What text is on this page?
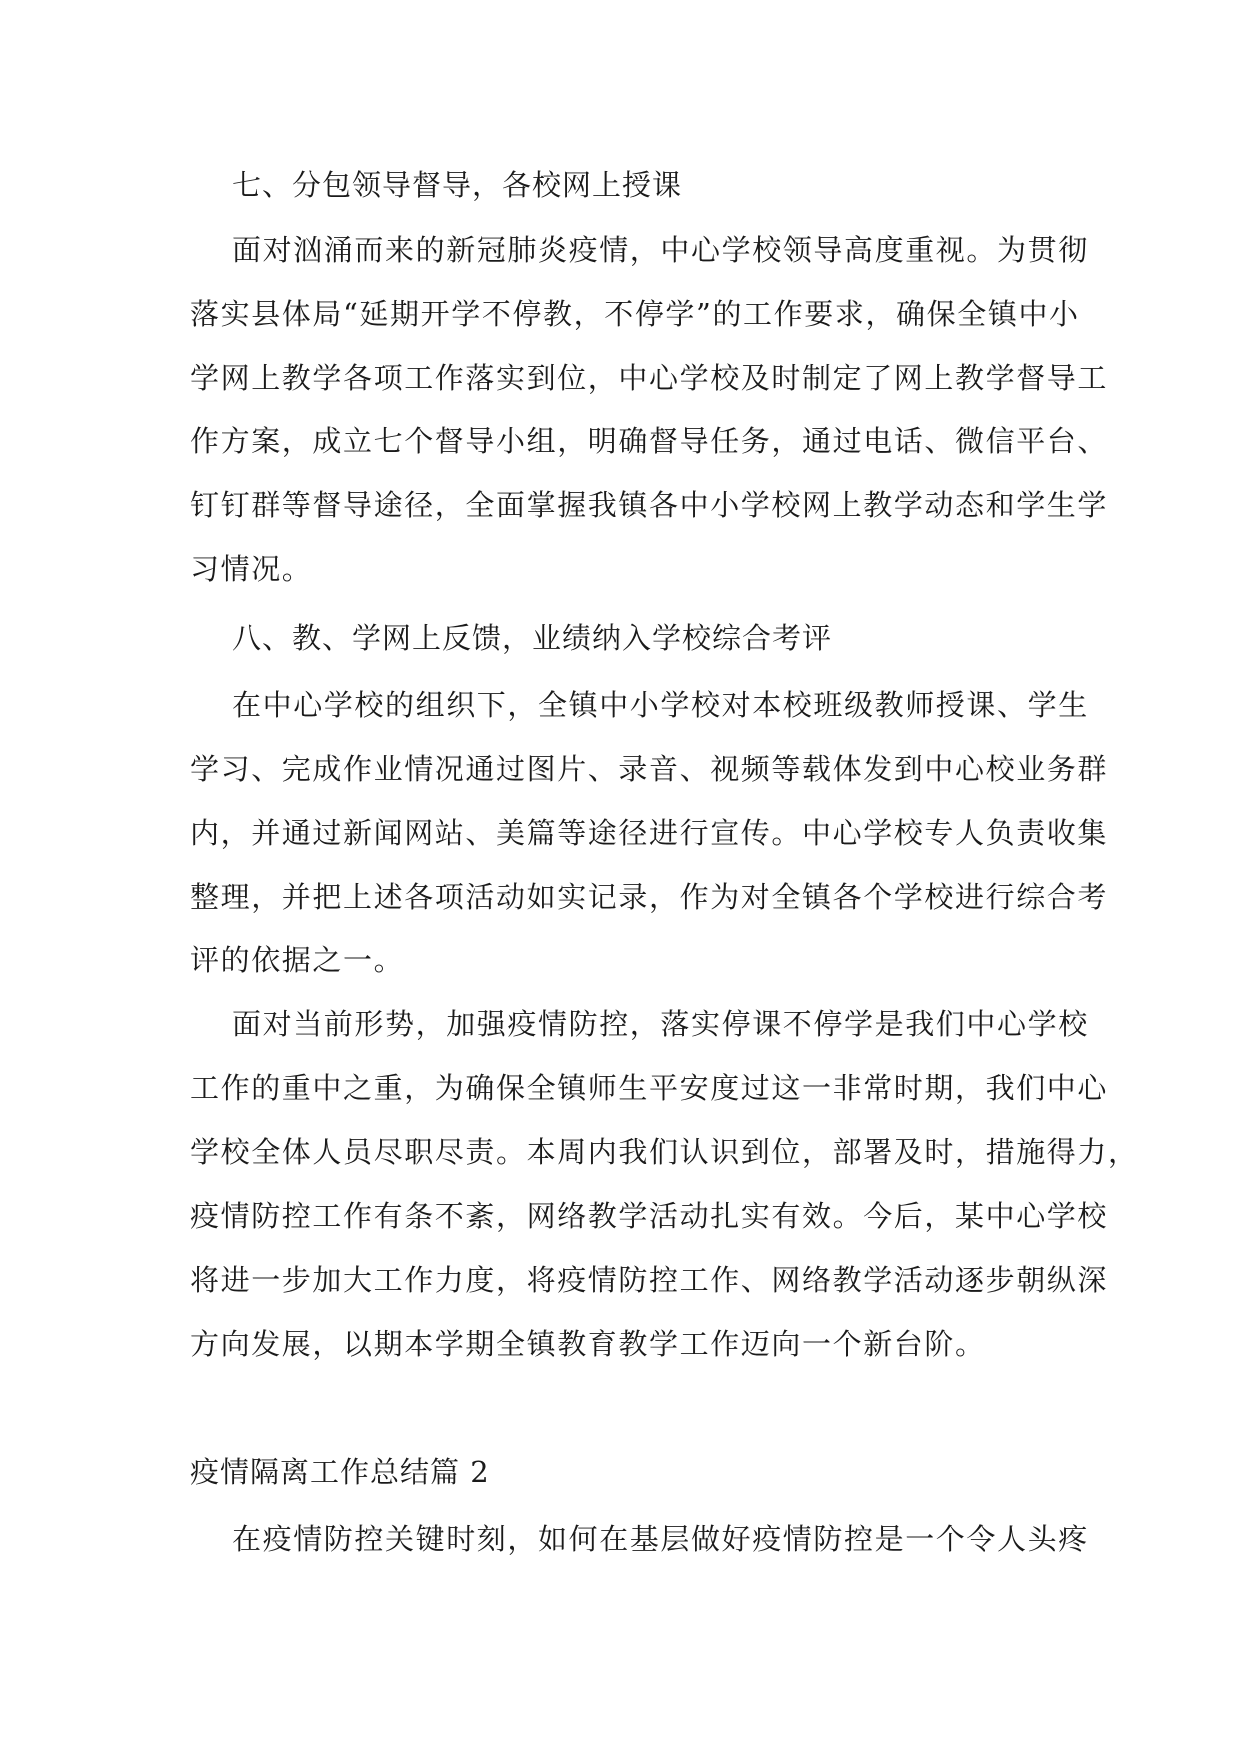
七、分包领导督导，各校网上授课
面对汹涌而来的新冠肺炎疫情，中心学校领导高度重视。为贯彻
落实县体局“延期开学不停教，不停学”的工作要求，确保全镇中小
学网上教学各项工作落实到位，中心学校及时制定了网上教学督导工
作方案，成立七个督导小组，明确督导任务，通过电话、微信平台、
钉钉群等督导途径，全面掌握我镇各中小学校网上教学动态和学生学
习情况。
八、教、学网上反馈，业绩纳入学校综合考评
在中心学校的组织下，全镇中小学校对本校班级教师授课、学生
学习、完成作业情况通过图片、录音、视频等载体发到中心校业务群
内，并通过新闻网站、美篇等途径进行宣传。中心学校专人负责收集
整理，并把上述各项活动如实记录，作为对全镇各个学校进行综合考
评的依据之一。
面对当前形势，加强疫情防控，落实停课不停学是我们中心学校
工作的重中之重，为确保全镇师生平安度过这一非常时期，我们中心
学校全体人员尽职尽责。本周内我们认识到位，部署及时，措施得力，
疫情防控工作有条不紊，网络教学活动扎实有效。今后，某中心学校
将进一步加大工作力度，将疫情防控工作、网络教学活动逐步朝纵深
方向发展，以期本学期全镇教育教学工作迈向一个新台阶。
疫情隔离工作总结篇 2
在疫情防控关键时刻，如何在基层做好疫情防控是一个令人头疼
